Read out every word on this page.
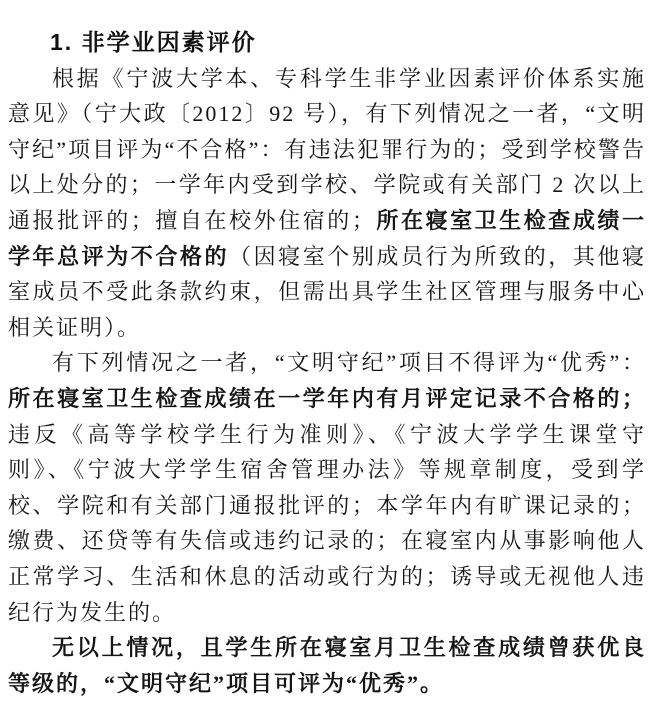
1. 非学业因素评价

根据《宁波大学本、专科学生非学业因素评价体系实施意见》（宁大政〔2012〕92 号），有下列情况之一者，“文明守纪”项目评为“不合格”：有违法犯罪行为的；受到学校警告以上处分的；一学年内受到学校、学院或有关部门 2 次以上通报批评的；擅自在校外住宿的；所在寝室卫生检查成绩一学年总评为不合格的（因寝室个别成员行为所致的，其他寝室成员不受此条款约束，但需出具学生社区管理与服务中心相关证明）。

有下列情况之一者，“文明守纪”项目不得评为“优秀”：所在寝室卫生检查成绩在一学年内有月评定记录不合格的；违反《高等学校学生行为准则》、《宁波大学学生课堂守则》、《宁波大学学生宿舍管理办法》等规章制度，受到学校、学院和有关部门通报批评的；本学年内有旷课记录的；缴费、还贷等有失信或违约记录的；在寝室内从事影响他人正常学习、生活和休息的活动或行为的；诱导或无视他人违纪行为发生的。

无以上情况，且学生所在寝室月卫生检查成绩曾获优良等级的，“文明守纪”项目可评为“优秀”。
